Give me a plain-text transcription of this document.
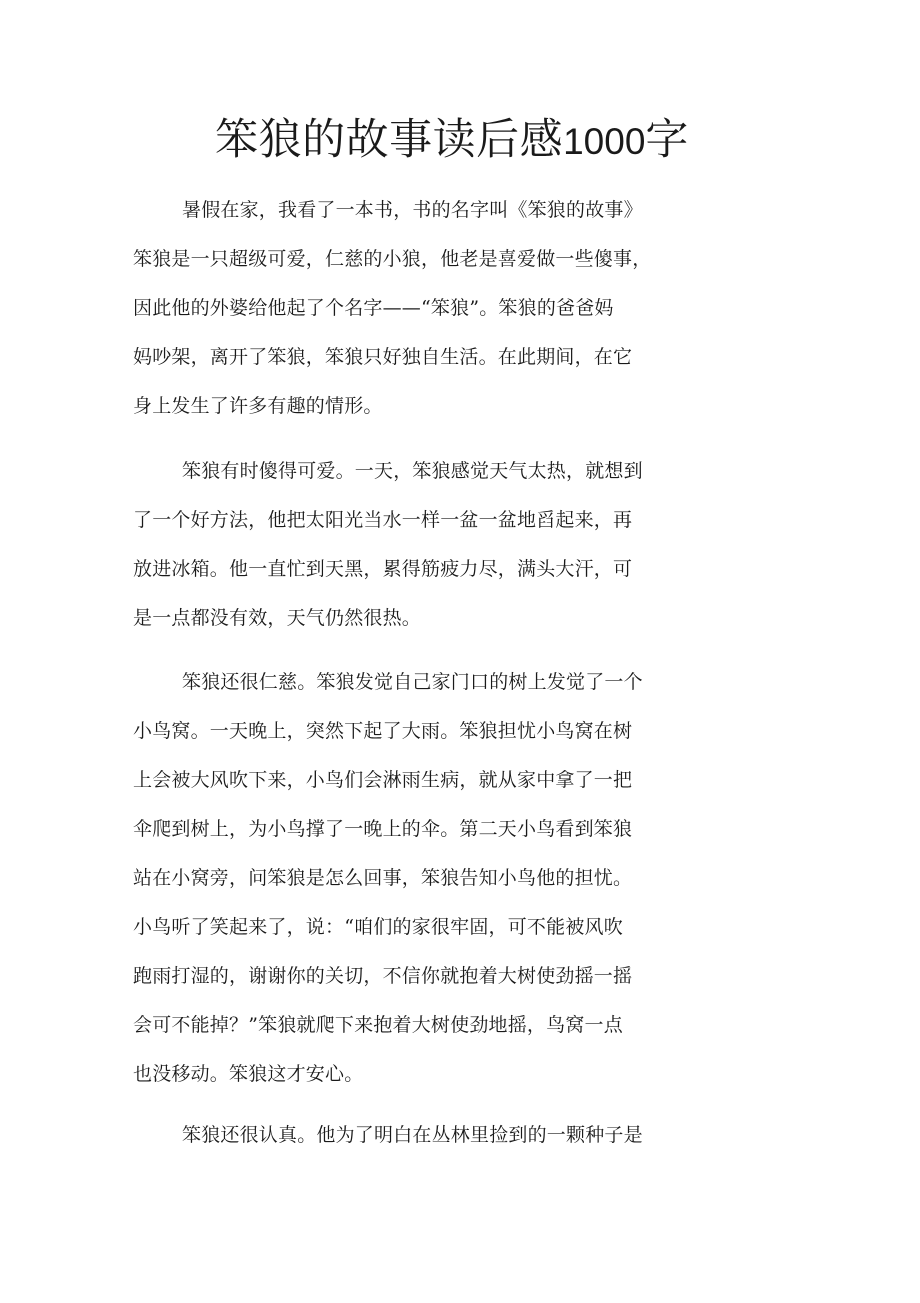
笨狼的故事读后感1000字
暑假在家，我看了一本书，书的名字叫《笨狼的故事》
笨狼是一只超级可爱，仁慈的小狼，他老是喜爱做一些傻事，
因此他的外婆给他起了个名字——“笨狼”。笨狼的爸爸妈
妈吵架，离开了笨狼，笨狼只好独自生活。在此期间，在它
身上发生了许多有趣的情形。
笨狼有时傻得可爱。一天，笨狼感觉天气太热，就想到
了一个好方法，他把太阳光当水一样一盆一盆地舀起来，再
放进冰箱。他一直忙到天黑，累得筋疲力尽，满头大汗，可
是一点都没有效，天气仍然很热。
笨狼还很仁慈。笨狼发觉自己家门口的树上发觉了一个
小鸟窝。一天晚上，突然下起了大雨。笨狼担忧小鸟窝在树
上会被大风吹下来，小鸟们会淋雨生病，就从家中拿了一把
伞爬到树上，为小鸟撑了一晚上的伞。第二天小鸟看到笨狼
站在小窝旁，问笨狼是怎么回事，笨狼告知小鸟他的担忧。
小鸟听了笑起来了，说：“咱们的家很牢固，可不能被风吹
跑雨打湿的，谢谢你的关切，不信你就抱着大树使劲摇一摇
会可不能掉？”笨狼就爬下来抱着大树使劲地摇，鸟窝一点
也没移动。笨狼这才安心。
笨狼还很认真。他为了明白在丛林里捡到的一颗种子是
